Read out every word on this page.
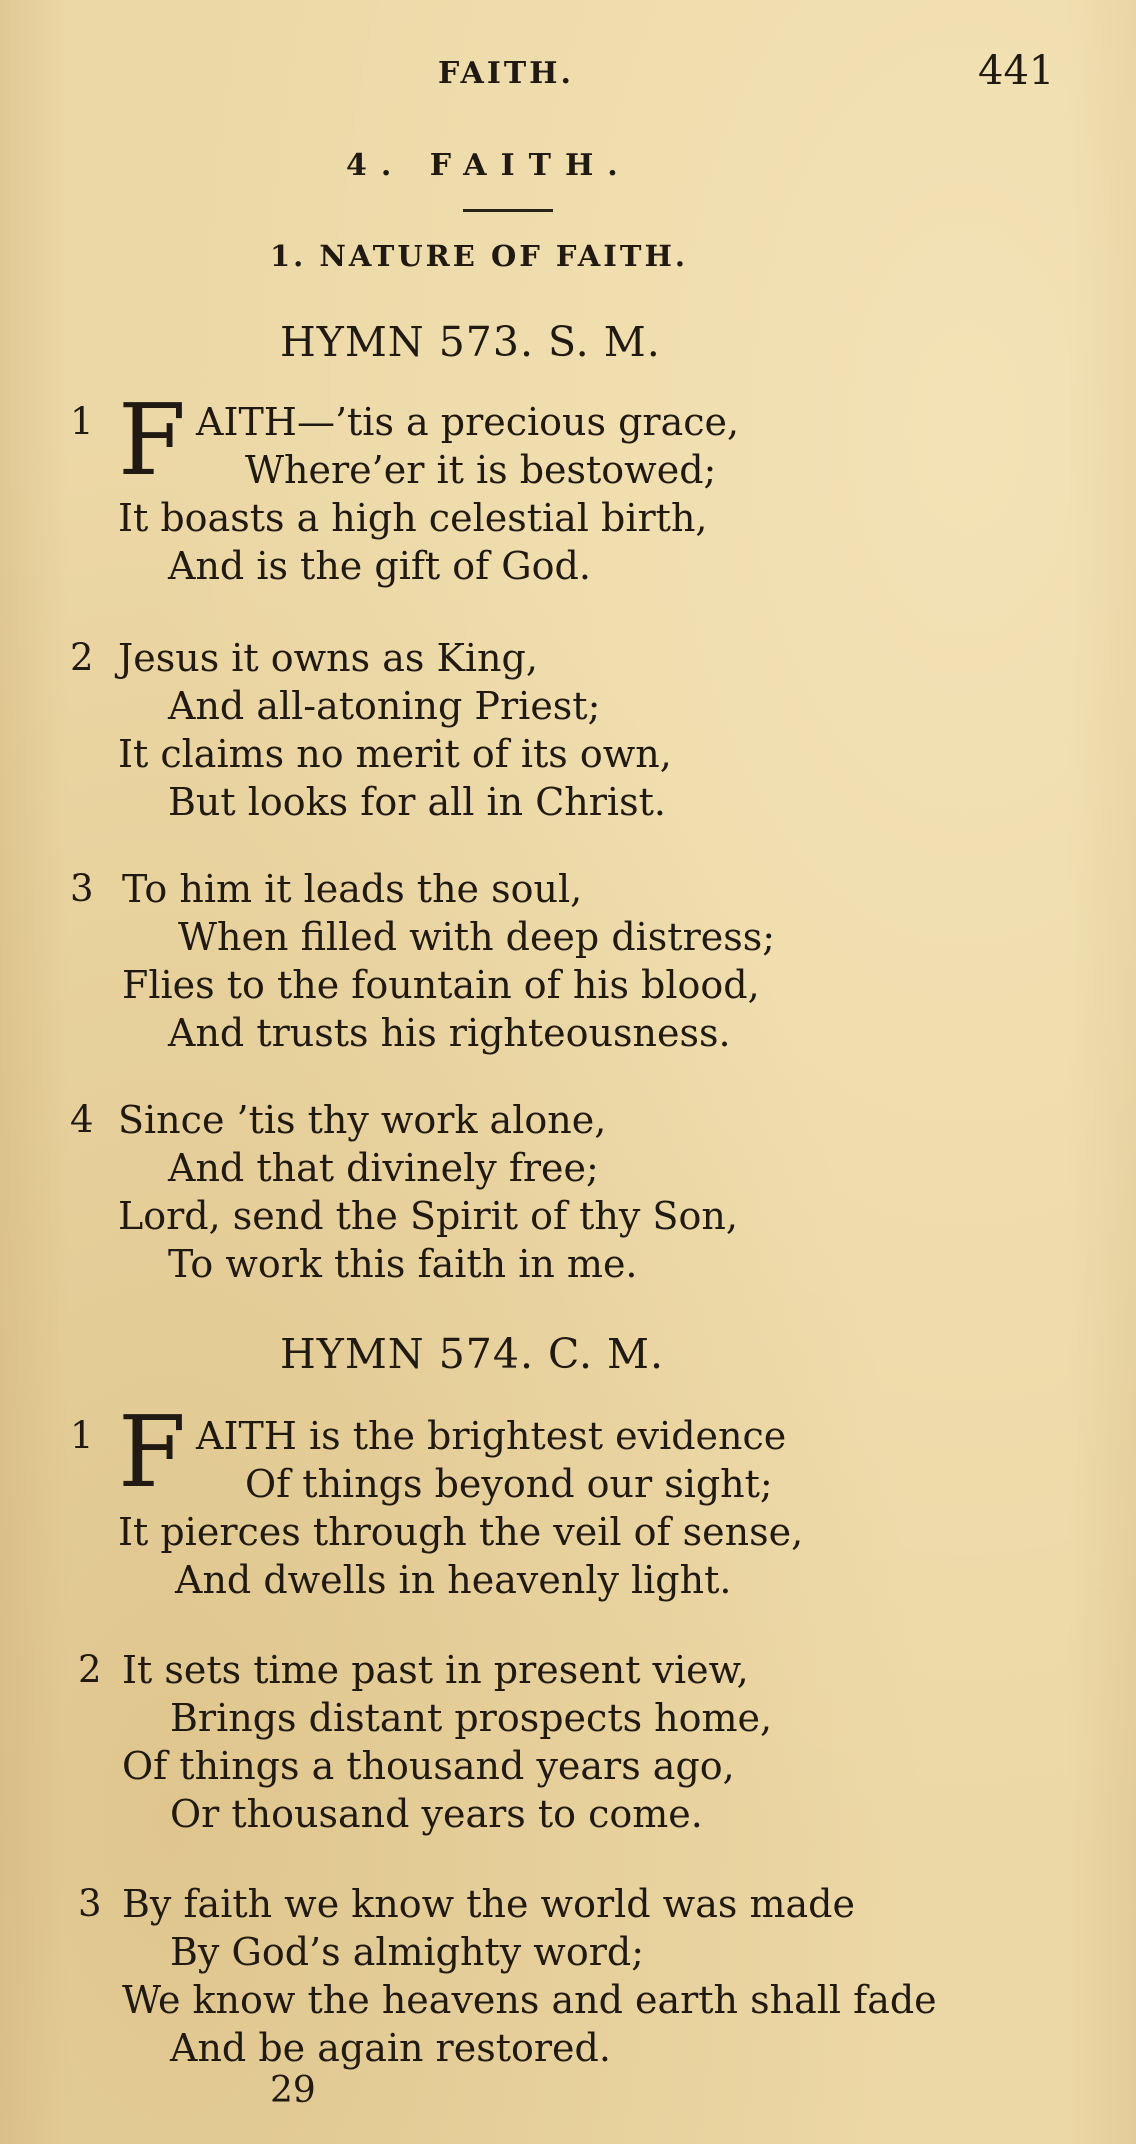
FAITH.	441
4. FAITH.
1. NATURE OF FAITH.
HYMN 573. S. M.
1 F AITH—’tis a precious grace,
Where’er it is bestowed;
It boasts a high celestial birth,
And is the gift of God.
2 Jesus it owns as King,
And all-atoning Priest;
It claims no merit of its own,
But looks for all in Christ.
3 To him it leads the soul,
When filled with deep distress;
Flies to the fountain of his blood,
And trusts his righteousness.
4 Since ’tis thy work alone,
And that divinely free;
Lord, send the Spirit of thy Son,
To work this faith in me.
HYMN 574. C. M.
1 F AITH is the brightest evidence
Of things beyond our sight;
It pierces through the veil of sense,
And dwells in heavenly light.
2 It sets time past in present view,
Brings distant prospects home,
Of things a thousand years ago,
Or thousand years to come.
3 By faith we know the world was made
By God’s almighty word;
We know the heavens and earth shall fade
And be again restored.
29
